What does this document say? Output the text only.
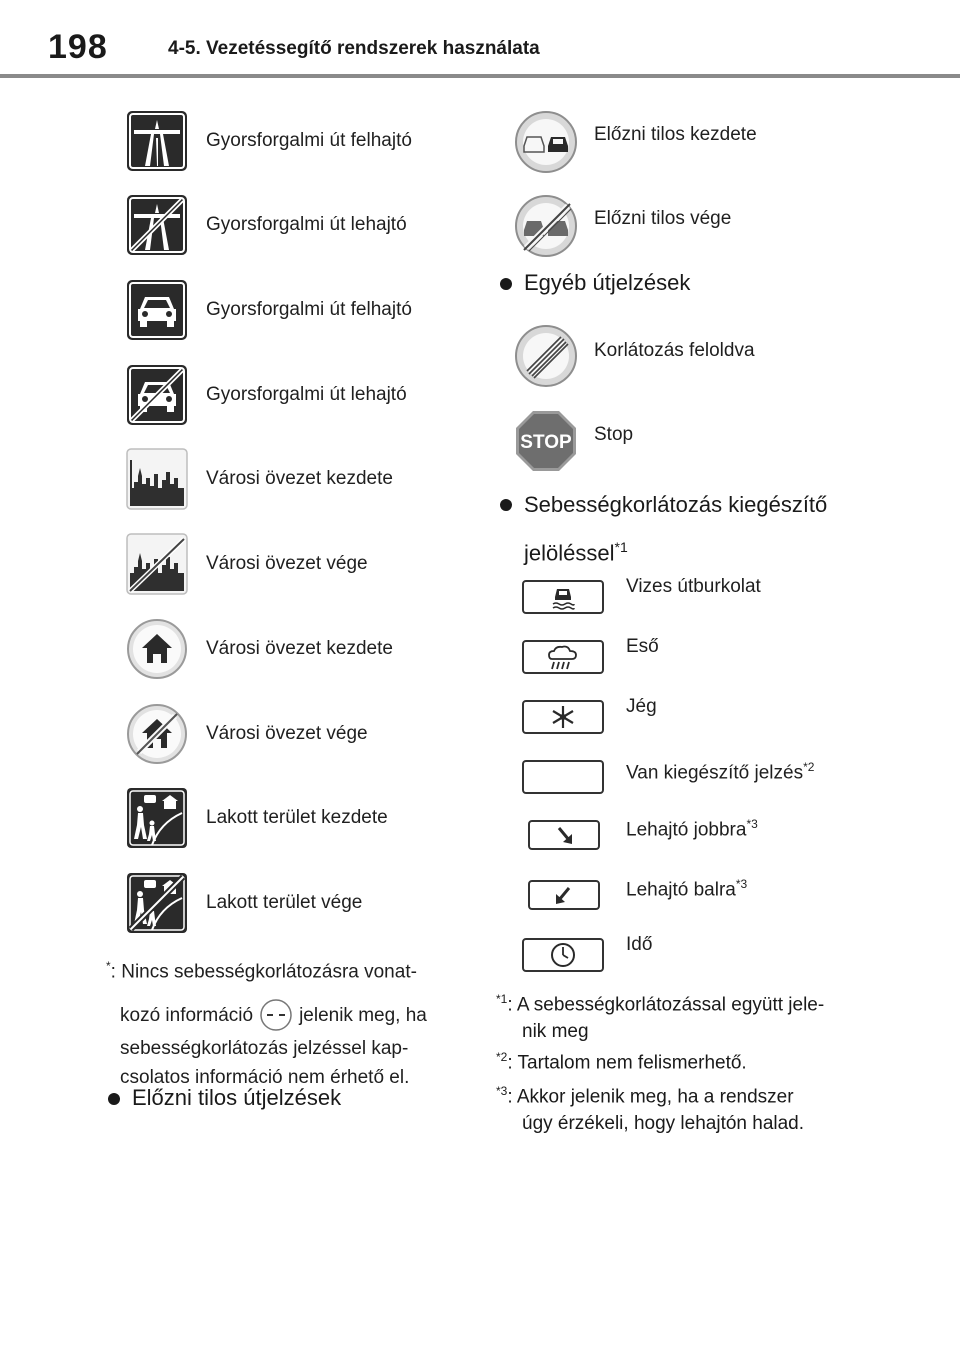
198	4-5. Vezetéssegítő rendszerek használata
Gyorsforgalmi út felhajtó
Gyorsforgalmi út lehajtó
Gyorsforgalmi út felhajtó
Gyorsforgalmi út lehajtó
Városi övezet kezdete
Városi övezet vége
Városi övezet kezdete
Városi övezet vége
Lakott terület kezdete
Lakott terület vége
*: Nincs sebességkorlátozásra vonat-
kozó információ jelenik meg, ha
sebességkorlátozás jelzéssel kap-
csolatos információ nem érhető el.
Előzni tilos útjelzések
Előzni tilos kezdete
Előzni tilos vége
Egyéb útjelzések
Korlátozás feloldva
STOP Stop
Sebességkorlátozás kiegészítő
jelöléssel$^{*1}$
Vizes útburkolat
Eső
Jég
Van kiegészítő jelzés$^{*2}$
Lehajtó jobbra$^{*3}$
Lehajtó balra$^{*3}$
Idő
$^{*1}$: A sebességkorlátozással együtt jele-
nik meg
$^{*2}$: Tartalom nem felismerhető.
$^{*3}$: Akkor jelenik meg, ha a rendszer
úgy érzékeli, hogy lehajtón halad.
